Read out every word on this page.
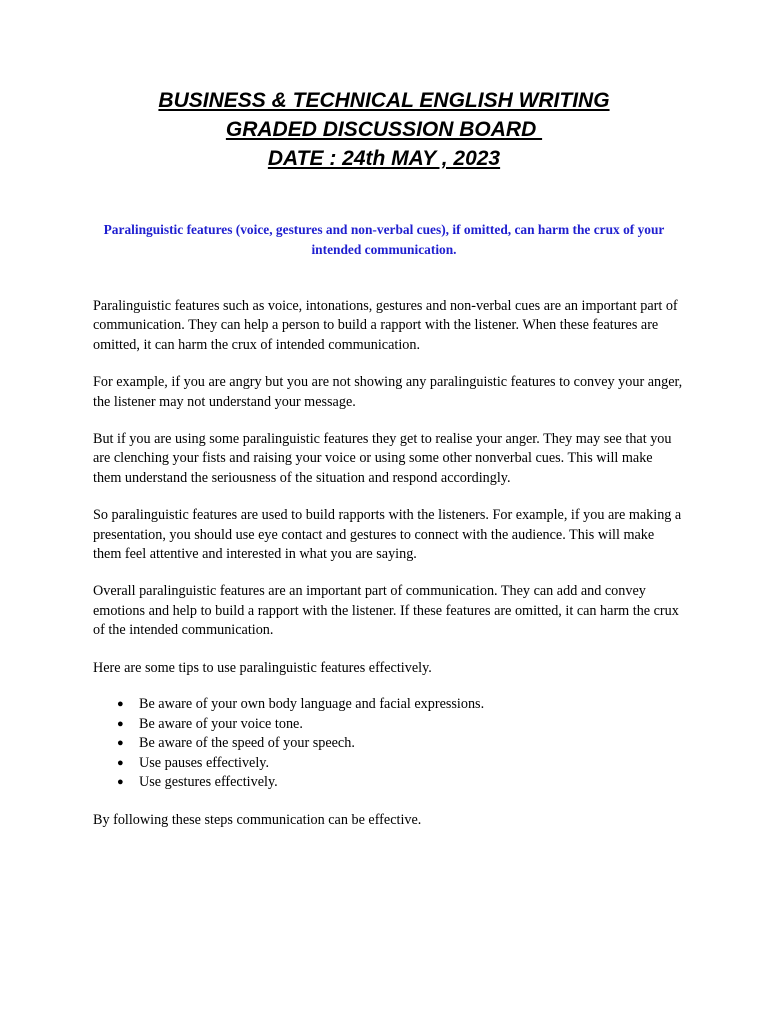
BUSINESS & TECHNICAL ENGLISH WRITING
GRADED DISCUSSION BOARD
DATE : 24th MAY , 2023
Paralinguistic features (voice, gestures and non-verbal cues), if omitted, can harm the crux of your intended communication.

Paralinguistic features such as voice, intonations, gestures and non-verbal cues are an important part of communication. They can help a person to build a rapport with the listener. When these features are omitted, it can harm the crux of intended communication.

For example, if you are angry but you are not showing any paralinguistic features to convey your anger, the listener may not understand your message.

But if you are using some paralinguistic features they get to realise your anger. They may see that you are clenching your fists and raising your voice or using some other nonverbal cues. This will make them understand the seriousness of the situation and respond accordingly.

So paralinguistic features are used to build rapports with the listeners. For example, if you are making a presentation, you should use eye contact and gestures to connect with the audience. This will make them feel attentive and interested in what you are saying.

Overall paralinguistic features are an important part of communication. They can add and convey emotions and help to build a rapport with the listener. If these features are omitted, it can harm the crux of the intended communication.

Here are some tips to use paralinguistic features effectively.

● Be aware of your own body language and facial expressions.
● Be aware of your voice tone.
● Be aware of the speed of your speech.
● Use pauses effectively.
● Use gestures effectively.

By following these steps communication can be effective.
